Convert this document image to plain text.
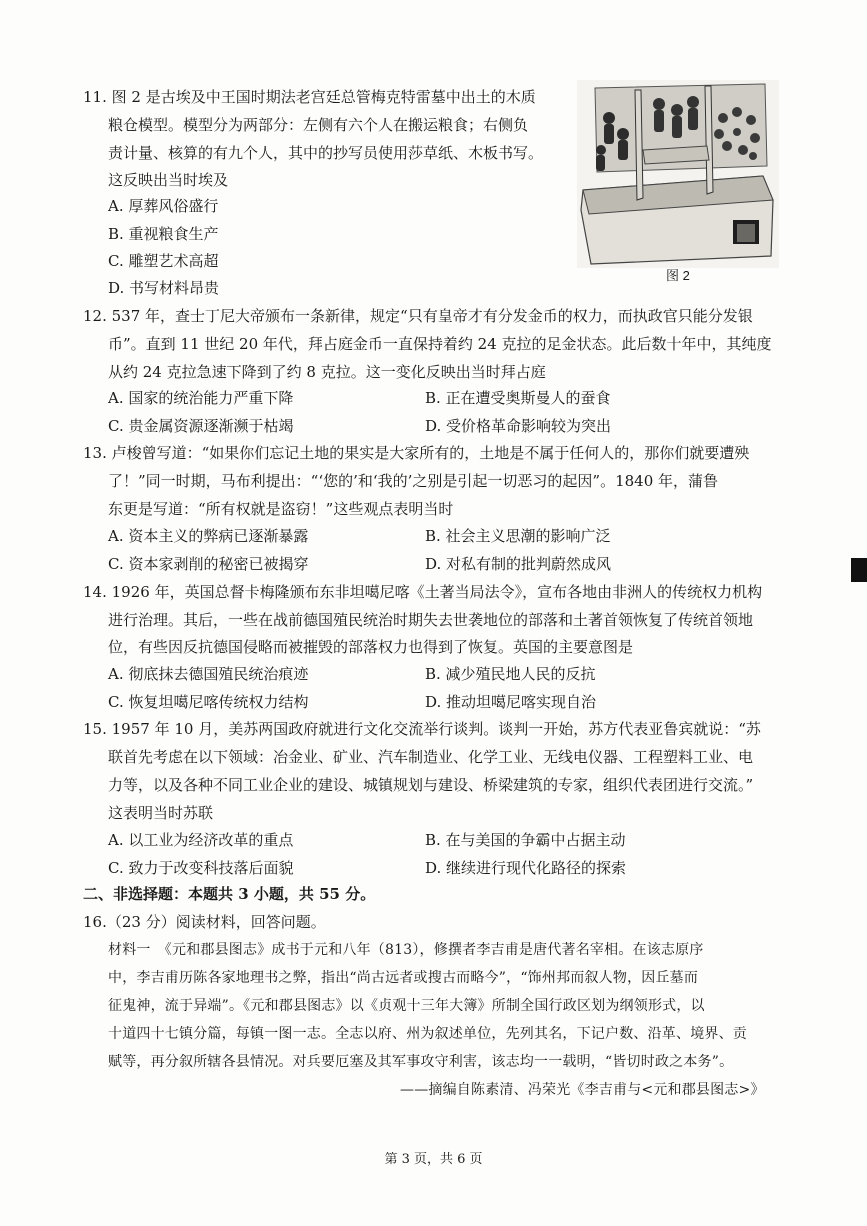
11. 图 2 是古埃及中王国时期法老宫廷总管梅克特雷墓中出土的木质
粮仓模型。模型分为两部分：左侧有六个人在搬运粮食；右侧负
责计量、核算的有九个人，其中的抄写员使用莎草纸、木板书写。
这反映出当时埃及
A. 厚葬风俗盛行
B. 重视粮食生产
C. 雕塑艺术高超
D. 书写材料昂贵
图 2
12. 537 年，查士丁尼大帝颁布一条新律，规定“只有皇帝才有分发金币的权力，而执政官只能分发银
币”。直到 11 世纪 20 年代，拜占庭金币一直保持着约 24 克拉的足金状态。此后数十年中，其纯度
从约 24 克拉急速下降到了约 8 克拉。这一变化反映出当时拜占庭
A. 国家的统治能力严重下降	B. 正在遭受奥斯曼人的蚕食
C. 贵金属资源逐渐濒于枯竭	D. 受价格革命影响较为突出
13. 卢梭曾写道：“如果你们忘记土地的果实是大家所有的，土地是不属于任何人的，那你们就要遭殃
了！”同一时期，马布利提出：“‘您的’和‘我的’之别是引起一切恶习的起因”。1840 年，蒲鲁
东更是写道：“所有权就是盗窃！”这些观点表明当时
A. 资本主义的弊病已逐渐暴露	B. 社会主义思潮的影响广泛
C. 资本家剥削的秘密已被揭穿	D. 对私有制的批判蔚然成风
14. 1926 年，英国总督卡梅隆颁布东非坦噶尼喀《土著当局法令》，宣布各地由非洲人的传统权力机构
进行治理。其后，一些在战前德国殖民统治时期失去世袭地位的部落和土著首领恢复了传统首领地
位，有些因反抗德国侵略而被摧毁的部落权力也得到了恢复。英国的主要意图是
A. 彻底抹去德国殖民统治痕迹	B. 减少殖民地人民的反抗
C. 恢复坦噶尼喀传统权力结构	D. 推动坦噶尼喀实现自治
15. 1957 年 10 月，美苏两国政府就进行文化交流举行谈判。谈判一开始，苏方代表亚鲁宾就说：“苏
联首先考虑在以下领域：冶金业、矿业、汽车制造业、化学工业、无线电仪器、工程塑料工业、电
力等，以及各种不同工业企业的建设、城镇规划与建设、桥梁建筑的专家，组织代表团进行交流。”
这表明当时苏联
A. 以工业为经济改革的重点	B. 在与美国的争霸中占据主动
C. 致力于改变科技落后面貌	D. 继续进行现代化路径的探索
二、非选择题：本题共 3 小题，共 55 分。
16.（23 分）阅读材料，回答问题。
材料一　《元和郡县图志》成书于元和八年（813），修撰者李吉甫是唐代著名宰相。在该志原序
中，李吉甫历陈各家地理书之弊，指出“尚古远者或搜古而略今”，“饰州邦而叙人物，因丘墓而
征鬼神，流于异端”。《元和郡县图志》以《贞观十三年大簿》所制全国行政区划为纲领形式，以
十道四十七镇分篇，每镇一图一志。全志以府、州为叙述单位，先列其名，下记户数、沿革、境界、贡
赋等，再分叙所辖各县情况。对兵要厄塞及其军事攻守利害，该志均一一载明，“皆切时政之本务”。
——摘编自陈素清、冯荣光《李吉甫与<元和郡县图志>》
第 3 页，共 6 页
